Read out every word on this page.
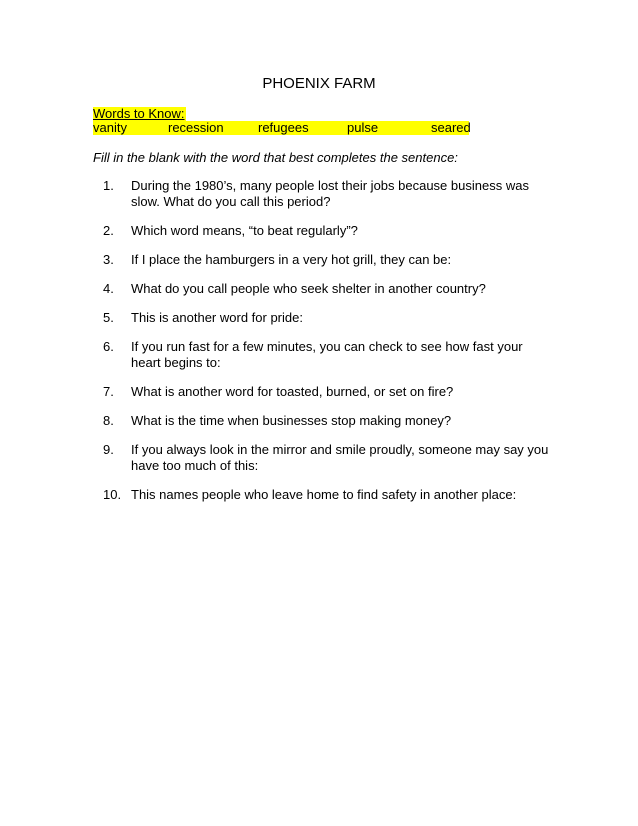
PHOENIX FARM
Words to Know:
vanity	recession	refugees	pulse	seared
Fill in the blank with the word that best completes the sentence:
1.	During the 1980’s, many people lost their jobs because business was slow. What do you call this period?
2.	Which word means, “to beat regularly”?
3.	If I place the hamburgers in a very hot grill, they can be:
4.	What do you call people who seek shelter in another country?
5.	This is another word for pride:
6.	If you run fast for a few minutes, you can check to see how fast your heart begins to:
7.	What is another word for toasted, burned, or set on fire?
8.	What is the time when businesses stop making money?
9.	If you always look in the mirror and smile proudly, someone may say you have too much of this:
10. This names people who leave home to find safety in another place:
